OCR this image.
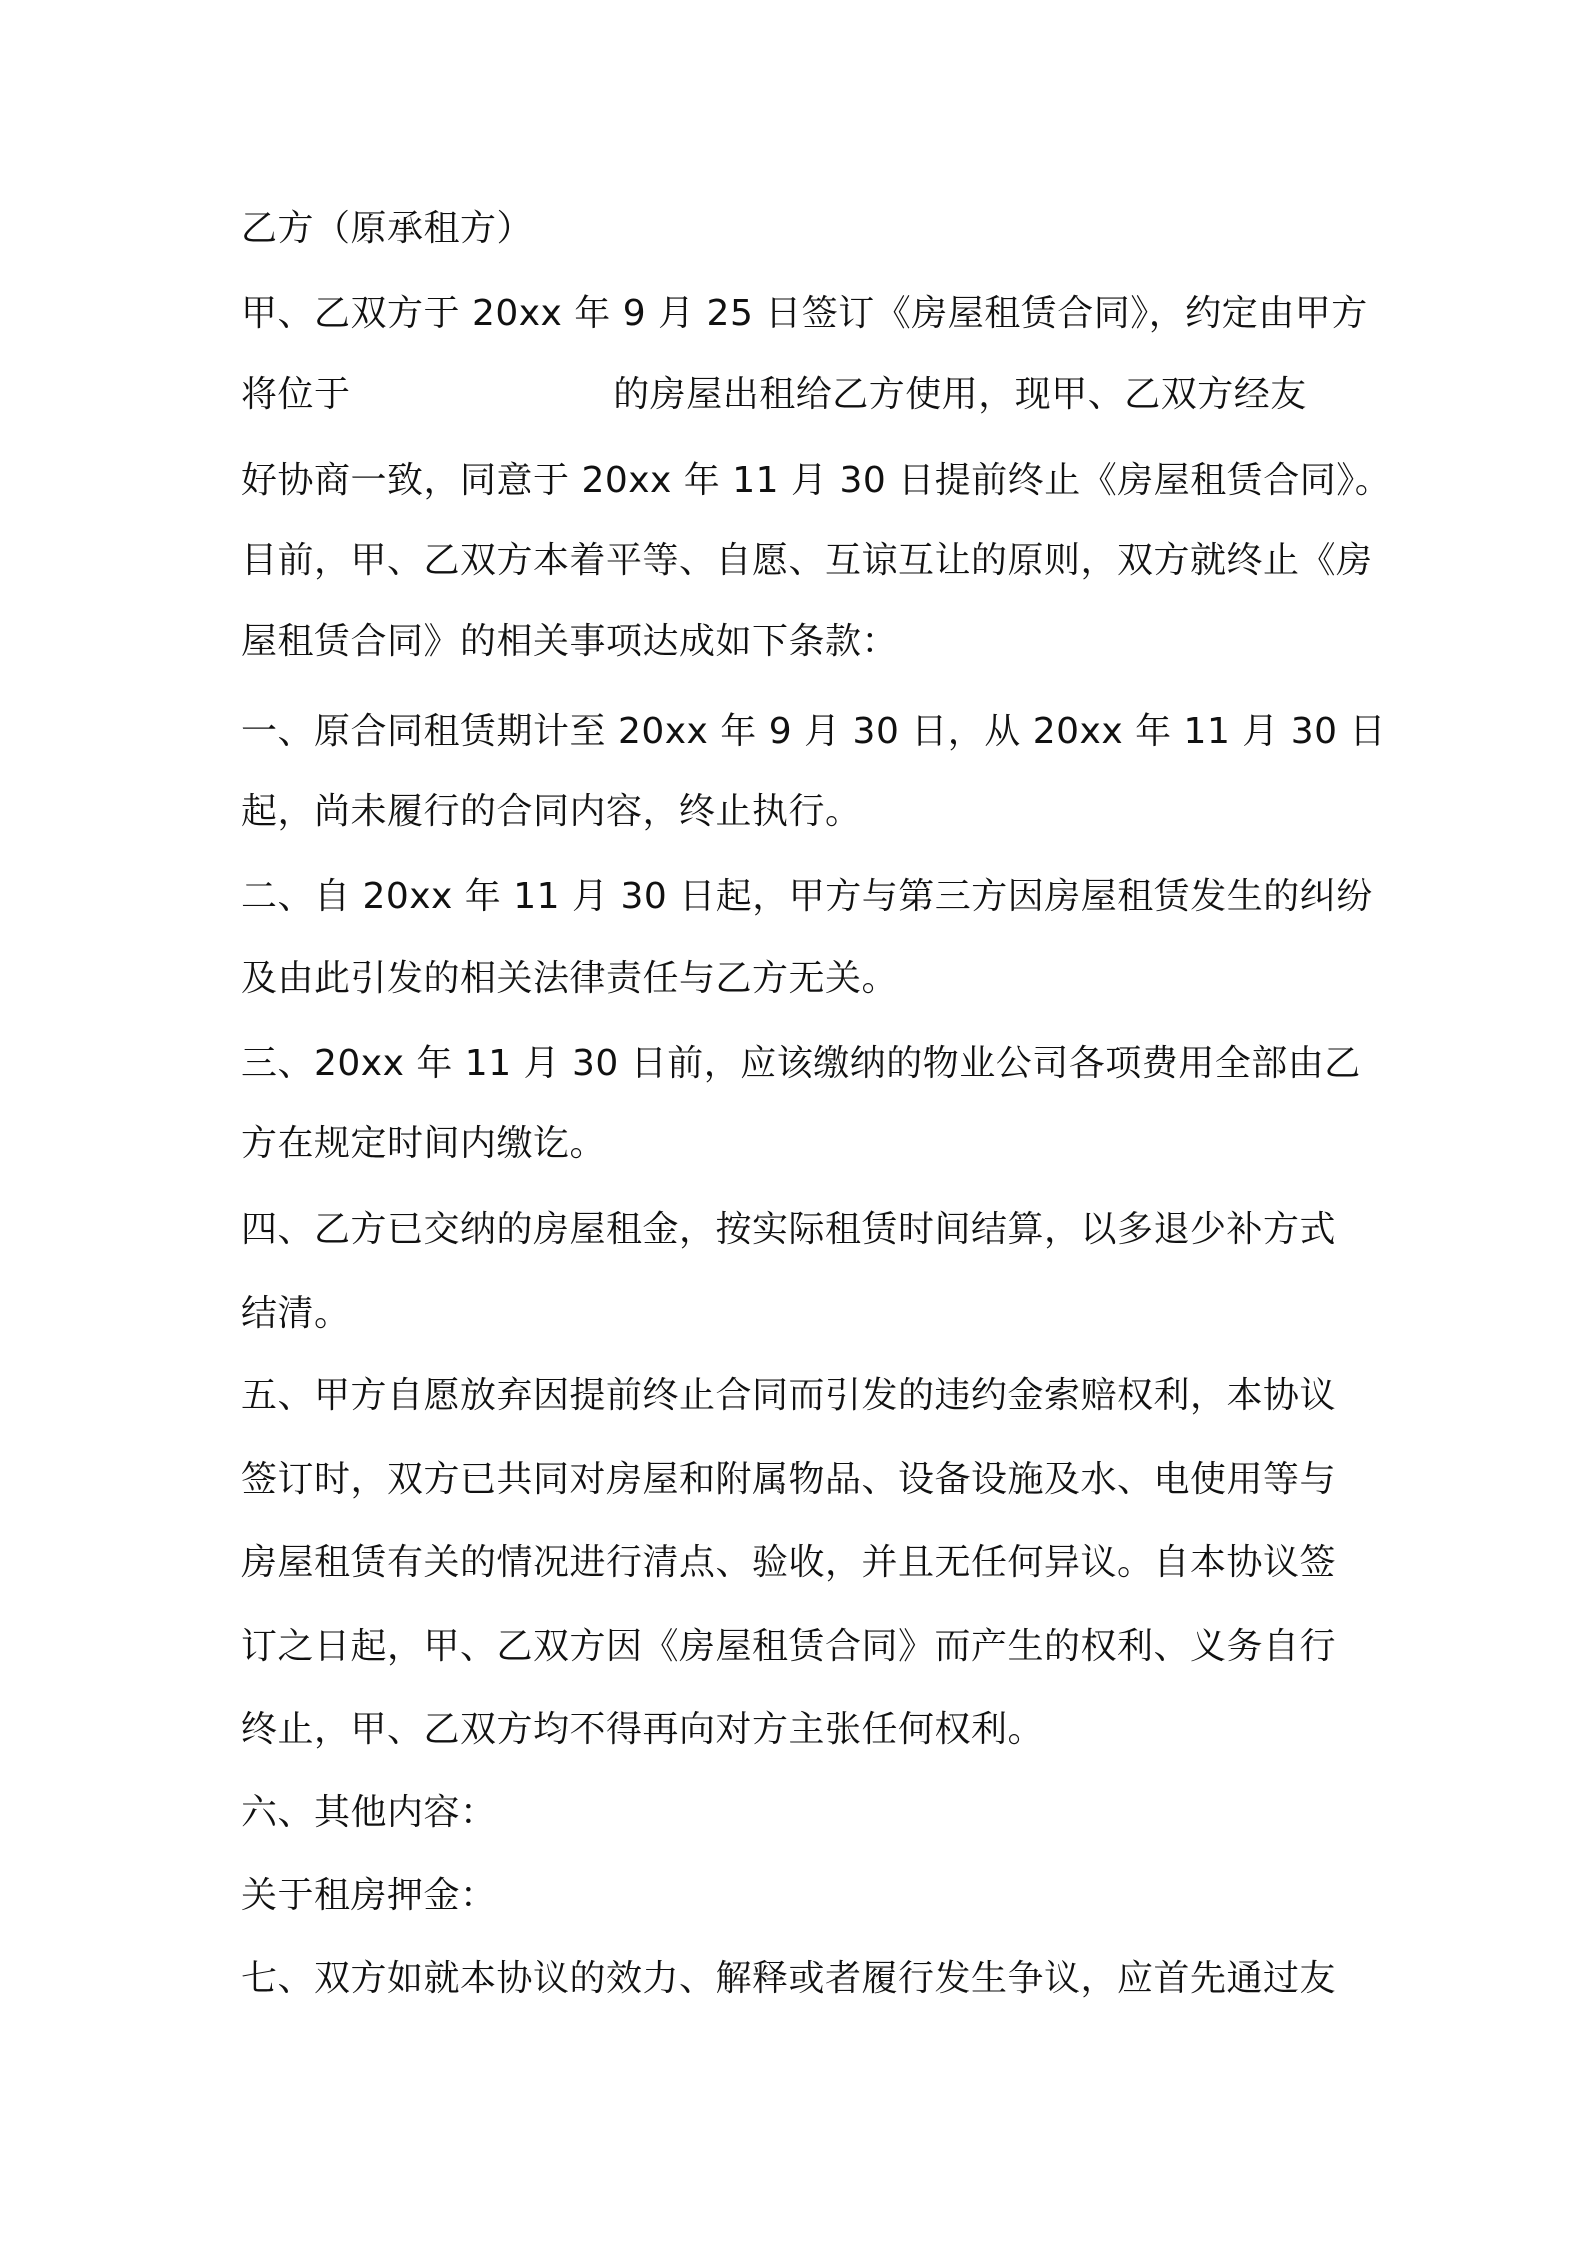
乙方（原承租方）
甲、乙双方于 20xx 年 9 月 25 日签订《房屋租赁合同》，约定由甲方
将位于                      的房屋出租给乙方使用，现甲、乙双方经友
好协商一致，同意于 20xx 年 11 月 30 日提前终止《房屋租赁合同》。
目前，甲、乙双方本着平等、自愿、互谅互让的原则，双方就终止《房
屋租赁合同》的相关事项达成如下条款：
一、原合同租赁期计至 20xx 年 9 月 30 日，从 20xx 年 11 月 30 日
起，尚未履行的合同内容，终止执行。
二、自 20xx 年 11 月 30 日起，甲方与第三方因房屋租赁发生的纠纷
及由此引发的相关法律责任与乙方无关。
三、20xx 年 11 月 30 日前，应该缴纳的物业公司各项费用全部由乙
方在规定时间内缴讫。
四、乙方已交纳的房屋租金，按实际租赁时间结算，以多退少补方式
结清。
五、甲方自愿放弃因提前终止合同而引发的违约金索赔权利，本协议
签订时，双方已共同对房屋和附属物品、设备设施及水、电使用等与
房屋租赁有关的情况进行清点、验收，并且无任何异议。自本协议签
订之日起，甲、乙双方因《房屋租赁合同》而产生的权利、义务自行
终止，甲、乙双方均不得再向对方主张任何权利。
六、其他内容：
关于租房押金：
七、双方如就本协议的效力、解释或者履行发生争议，应首先通过友
